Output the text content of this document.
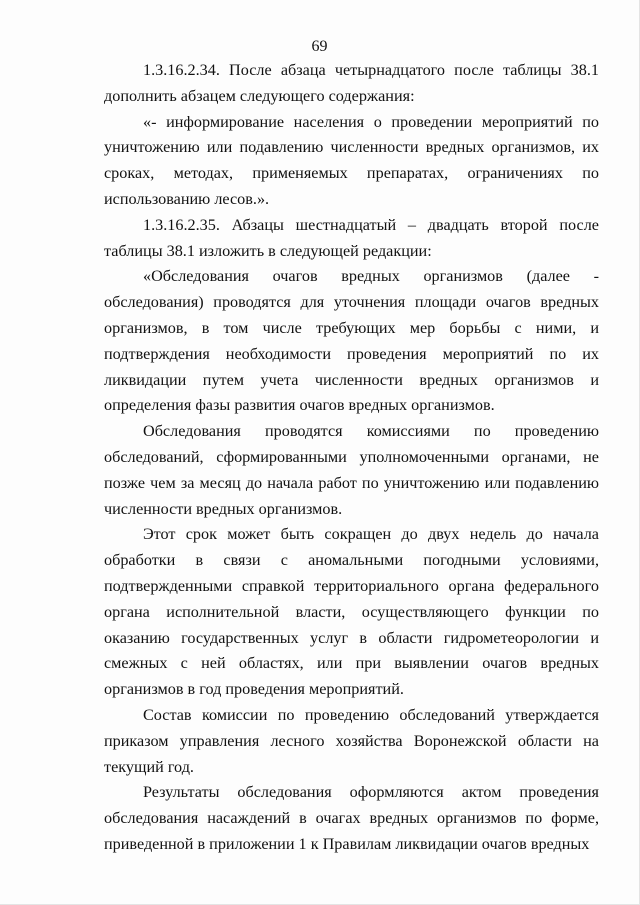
69

1.3.16.2.34. После абзаца четырнадцатого после таблицы 38.1 дополнить абзацем следующего содержания:

«- информирование населения о проведении мероприятий по уничтожению или подавлению численности вредных организмов, их сроках, методах, применяемых препаратах, ограничениях по использованию лесов.».

1.3.16.2.35. Абзацы шестнадцатый – двадцать второй после таблицы 38.1 изложить в следующей редакции:

«Обследования очагов вредных организмов (далее - обследования) проводятся для уточнения площади очагов вредных организмов, в том числе требующих мер борьбы с ними, и подтверждения необходимости проведения мероприятий по их ликвидации путем учета численности вредных организмов и определения фазы развития очагов вредных организмов.

Обследования проводятся комиссиями по проведению обследований, сформированными уполномоченными органами, не позже чем за месяц до начала работ по уничтожению или подавлению численности вредных организмов.

Этот срок может быть сокращен до двух недель до начала обработки в связи с аномальными погодными условиями, подтвержденными справкой территориального органа федерального органа исполнительной власти, осуществляющего функции по оказанию государственных услуг в области гидрометеорологии и смежных с ней областях, или при выявлении очагов вредных организмов в год проведения мероприятий.

Состав комиссии по проведению обследований утверждается приказом управления лесного хозяйства Воронежской области на текущий год.

Результаты обследования оформляются актом проведения обследования насаждений в очагах вредных организмов по форме, приведенной в приложении 1 к Правилам ликвидации очагов вредных
